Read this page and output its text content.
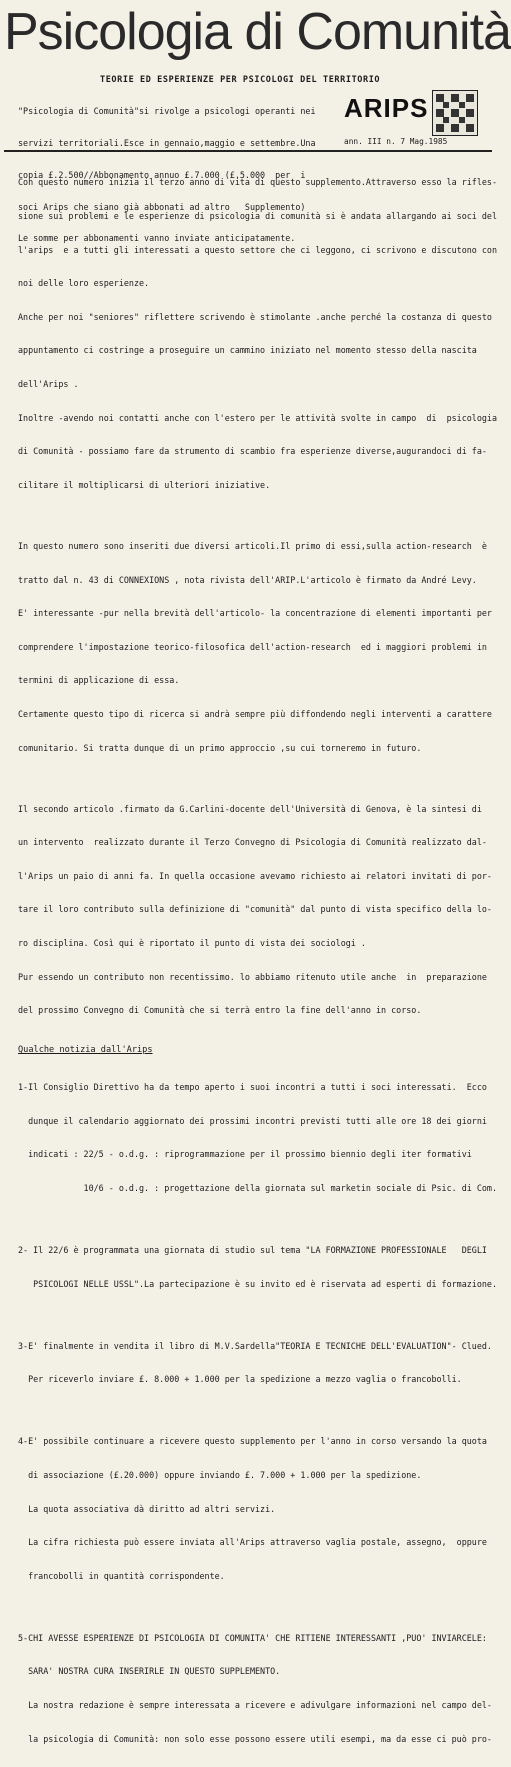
Psicologia di Comunità
TEORIE ED ESPERIENZE PER PSICOLOGI DEL TERRITORIO

"Psicologia di Comunità"si rivolge a psicologi operanti nei

servizi territoriali.Esce in gennaio,maggio e settembre.Una

copia £.2.500//Abbonamento annuo £.7.000 (£.5.000  per  i

soci Arips che siano già abbonati ad altro   Supplemento)

Le somme per abbonamenti vanno inviate anticipatamente.

ARIPS
ann. III n. 7 Mag.1985

Con questo numero inizia il terzo anno di vita di questo supplemento.Attraverso esso la rifles-

sione sui problemi e le esperienze di psicologia di comunità si è andata allargando ai soci del

l'arips  e a tutti gli interessati a questo settore che ci leggono, ci scrivono e discutono con

noi delle loro esperienze.

Anche per noi "seniores" riflettere scrivendo è stimolante .anche perché la costanza di questo

appuntamento ci costringe a proseguire un cammino iniziato nel momento stesso della nascita

dell'Arips .

Inoltre -avendo noi contatti anche con l'estero per le attività svolte in campo  di  psicologia

di Comunità - possiamo fare da strumento di scambio fra esperienze diverse,augurandoci di fa-

cilitare il moltiplicarsi di ulteriori iniziative.

In questo numero sono inseriti due diversi articoli.Il primo di essi,sulla action-research  è

tratto dal n. 43 di CONNEXIONS , nota rivista dell'ARIP.L'articolo è firmato da André Levy.

E' interessante -pur nella brevità dell'articolo- la concentrazione di elementi importanti per

comprendere l'impostazione teorico-filosofica dell'action-research  ed i maggiori problemi in

termini di applicazione di essa.

Certamente questo tipo di ricerca si andrà sempre più diffondendo negli interventi a carattere

comunitario. Si tratta dunque di un primo approccio ,su cui torneremo in futuro.

Il secondo articolo .firmato da G.Carlini-docente dell'Università di Genova, è la sintesi di

un intervento  realizzato durante il Terzo Convegno di Psicologia di Comunità realizzato dal-

l'Arips un paio di anni fa. In quella occasione avevamo richiesto ai relatori invitati di por-

tare il loro contributo sulla definizione di "comunità" dal punto di vista specifico della lo-

ro disciplina. Così qui è riportato il punto di vista dei sociologi .

Pur essendo un contributo non recentissimo. lo abbiamo ritenuto utile anche  in  preparazione

del prossimo Convegno di Comunità che si terrà entro la fine dell'anno in corso.

Qualche notizia dall'Arips

1-Il Consiglio Direttivo ha da tempo aperto i suoi incontri a tutti i soci interessati.  Ecco

dunque il calendario aggiornato dei prossimi incontri previsti tutti alle ore 18 dei giorni

indicati : 22/5 - o.d.g. : riprogrammazione per il prossimo biennio degli iter formativi

10/6 - o.d.g. : progettazione della giornata sul marketin sociale di Psic. di Com.

2- Il 22/6 è programmata una giornata di studio sul tema "LA FORMAZIONE PROFESSIONALE   DEGLI

PSICOLOGI NELLE USSL".La partecipazione è su invito ed è riservata ad esperti di formazione.

3-E' finalmente in vendita il libro di M.V.Sardella"TEORIA E TECNICHE DELL'EVALUATION"- Clued.

Per riceverlo inviare £. 8.000 + 1.000 per la spedizione a mezzo vaglia o francobolli.

4-E' possibile continuare a ricevere questo supplemento per l'anno in corso versando la quota

di associazione (£.20.000) oppure inviando £. 7.000 + 1.000 per la spedizione.

La quota associativa dà diritto ad altri servizi.

La cifra richiesta può essere inviata all'Arips attraverso vaglia postale, assegno,  oppure

francobolli in quantità corrispondente.

5-CHI AVESSE ESPERIENZE DI PSICOLOGIA DI COMUNITA' CHE RITIENE INTERESSANTI ,PUO' INVIARCELE:

SARA' NOSTRA CURA INSERIRLE IN QUESTO SUPPLEMENTO.

La nostra redazione è sempre interessata a ricevere e adivulgare informazioni nel campo del-

la psicologia di Comunità: non solo esse possono essere utili esempi, ma da esse ci può pro-
